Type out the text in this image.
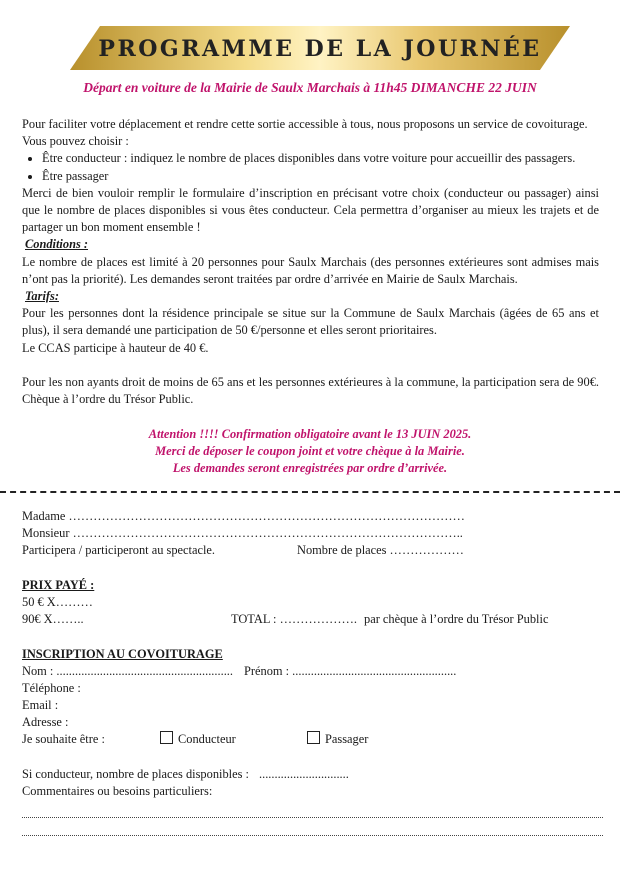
PROGRAMME DE LA JOURNÉE
Départ en voiture de la Mairie de Saulx Marchais à 11h45 DIMANCHE 22 JUIN

Pour faciliter votre déplacement et rendre cette sortie accessible à tous, nous proposons un service de covoiturage.

Vous pouvez choisir :

• Être conducteur : indiquez le nombre de places disponibles dans votre voiture pour accueillir des passagers.
• Être passager

Merci de bien vouloir remplir le formulaire d’inscription en précisant votre choix (conducteur ou passager) ainsi que le nombre de places disponibles si vous êtes conducteur. Cela permettra d’organiser au mieux les trajets et de partager un bon moment ensemble !

Conditions :

Le nombre de places est limité à 20 personnes pour Saulx Marchais (des personnes extérieures sont admises mais n’ont pas la priorité). Les demandes seront traitées par ordre d’arrivée en Mairie de Saulx Marchais.

Tarifs:

Pour les personnes dont la résidence principale se situe sur la Commune de Saulx Marchais (âgées de 65 ans et plus), il sera demandé une participation de 50 €/personne et elles seront prioritaires.

Le CCAS participe à hauteur de 40 €.

Pour les non ayants droit de moins de 65 ans et les personnes extérieures à la commune, la participation sera de 90€. Chèque à l’ordre du Trésor Public.

Attention !!!! Confirmation obligatoire avant le 13 JUIN 2025.
Merci de déposer le coupon joint et votre chèque à la Mairie.
Les demandes seront enregistrées par ordre d’arrivée.
Madame ……………………………………………………………………………………
Monsieur …………………………………………………………………………………..
Participera / participeront au spectacle.	Nombre de places ………………
PRIX PAYÉ :
50 € X………
90€ X……..	TOTAL : ………………. par chèque à l’ordre du Trésor Public
INSCRIPTION AU COVOITURAGE
Nom : ......................................................... Prénom : .....................................................
Téléphone :
Email :
Adresse :
Je souhaite être :	Conducteur	Passager
Si conducteur, nombre de places disponibles : .............................
Commentaires ou besoins particuliers:
